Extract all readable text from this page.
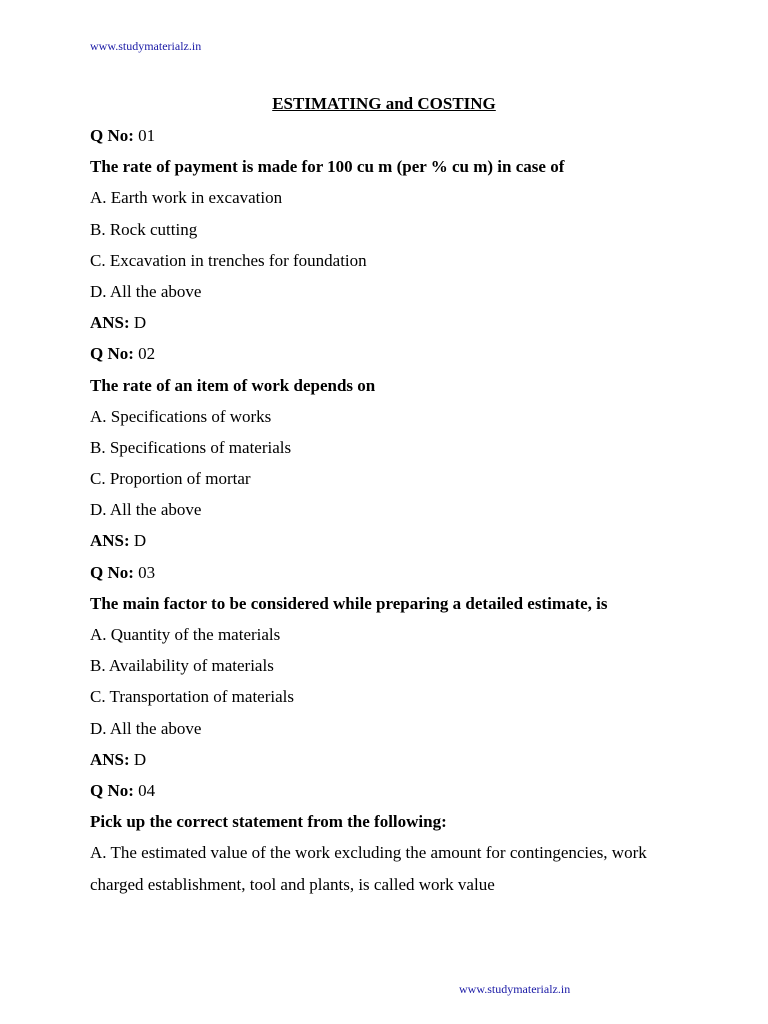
www.studymaterialz.in
ESTIMATING and COSTING
Q No: 01
The rate of payment is made for 100 cu m (per % cu m) in case of
A. Earth work in excavation
B. Rock cutting
C. Excavation in trenches for foundation
D. All the above
ANS: D
Q No: 02
The rate of an item of work depends on
A. Specifications of works
B. Specifications of materials
C. Proportion of mortar
D. All the above
ANS: D
Q No: 03
The main factor to be considered while preparing a detailed estimate, is
A. Quantity of the materials
B. Availability of materials
C. Transportation of materials
D. All the above
ANS: D
Q No: 04
Pick up the correct statement from the following:
A. The estimated value of the work excluding the amount for contingencies, work
charged establishment, tool and plants, is called work value
www.studymaterialz.in
